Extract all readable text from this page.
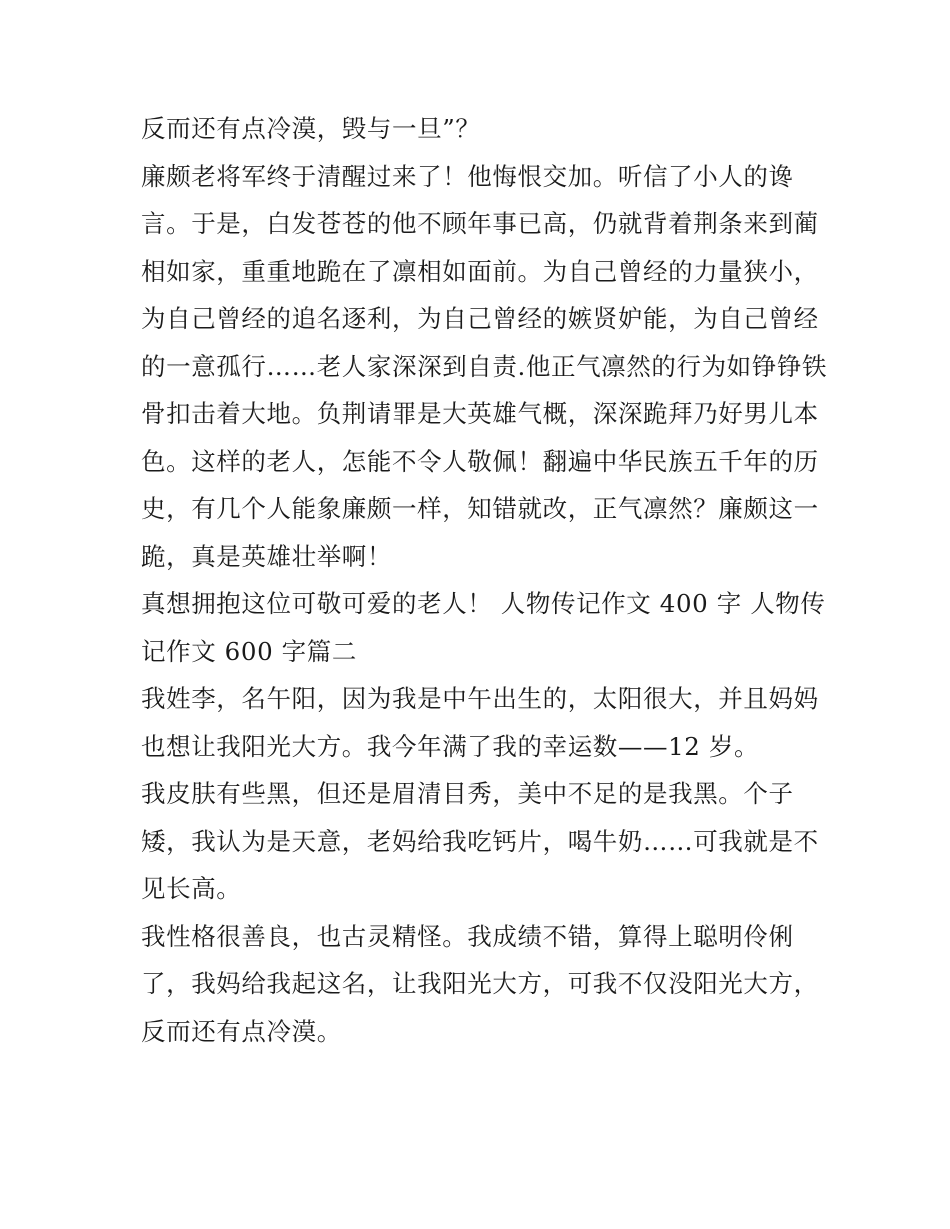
反而还有点冷漠，毁与一旦”？
廉颇老将军终于清醒过来了！他悔恨交加。听信了小人的谗
言。于是，白发苍苍的他不顾年事已高，仍就背着荆条来到蔺
相如家，重重地跪在了凛相如面前。为自己曾经的力量狭小，
为自己曾经的追名逐利，为自己曾经的嫉贤妒能，为自己曾经
的一意孤行……老人家深深到自责.他正气凛然的行为如铮铮铁
骨扣击着大地。负荆请罪是大英雄气概，深深跪拜乃好男儿本
色。这样的老人，怎能不令人敬佩！翻遍中华民族五千年的历
史，有几个人能象廉颇一样，知错就改，正气凛然？廉颇这一
跪，真是英雄壮举啊！
真想拥抱这位可敬可爱的老人！ 人物传记作文 400 字 人物传
记作文 600 字篇二
我姓李，名午阳，因为我是中午出生的，太阳很大，并且妈妈
也想让我阳光大方。我今年满了我的幸运数——12 岁。
我皮肤有些黑，但还是眉清目秀，美中不足的是我黑。个子
矮，我认为是天意，老妈给我吃钙片，喝牛奶……可我就是不
见长高。
我性格很善良，也古灵精怪。我成绩不错，算得上聪明伶俐
了，我妈给我起这名，让我阳光大方，可我不仅没阳光大方，
反而还有点冷漠。
